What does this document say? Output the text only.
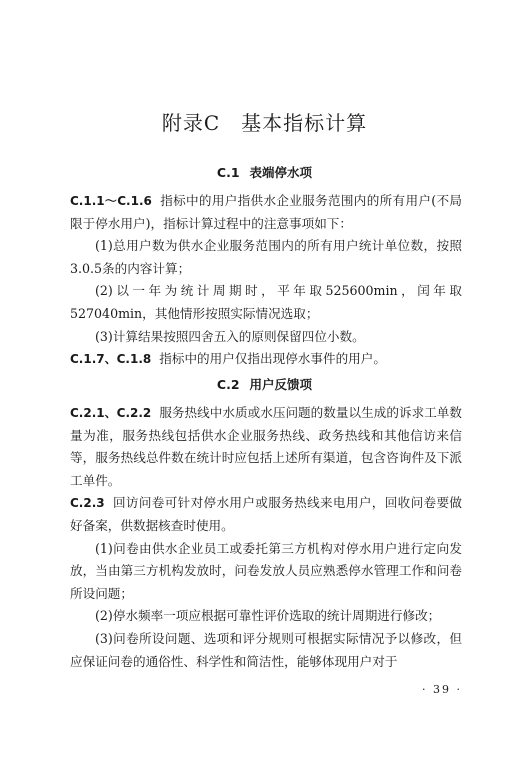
附录C　基本指标计算
C.1 表端停水项

C.1.1～C.1.6 指标中的用户指供水企业服务范围内的所有用户(不局限于停水用户)，指标计算过程中的注意事项如下：

(1)总用户数为供水企业服务范围内的所有用户统计单位数，按照3.0.5条的内容计算；

(2)以一年为统计周期时，平年取525600min，闰年取527040min，其他情形按照实际情况选取；

(3)计算结果按照四舍五入的原则保留四位小数。

C.1.7、C.1.8 指标中的用户仅指出现停水事件的用户。

C.2 用户反馈项

C.2.1、C.2.2 服务热线中水质或水压问题的数量以生成的诉求工单数量为准，服务热线包括供水企业服务热线、政务热线和其他信访来信等，服务热线总件数在统计时应包括上述所有渠道，包含咨询件及下派工单件。

C.2.3 回访问卷可针对停水用户或服务热线来电用户，回收问卷要做好备案，供数据核查时使用。

(1)问卷由供水企业员工或委托第三方机构对停水用户进行定向发放，当由第三方机构发放时，问卷发放人员应熟悉停水管理工作和问卷所设问题；

(2)停水频率一项应根据可靠性评价选取的统计周期进行修改；

(3)问卷所设问题、选项和评分规则可根据实际情况予以修改，但应保证问卷的通俗性、科学性和简洁性，能够体现用户对于

· 39 ·
